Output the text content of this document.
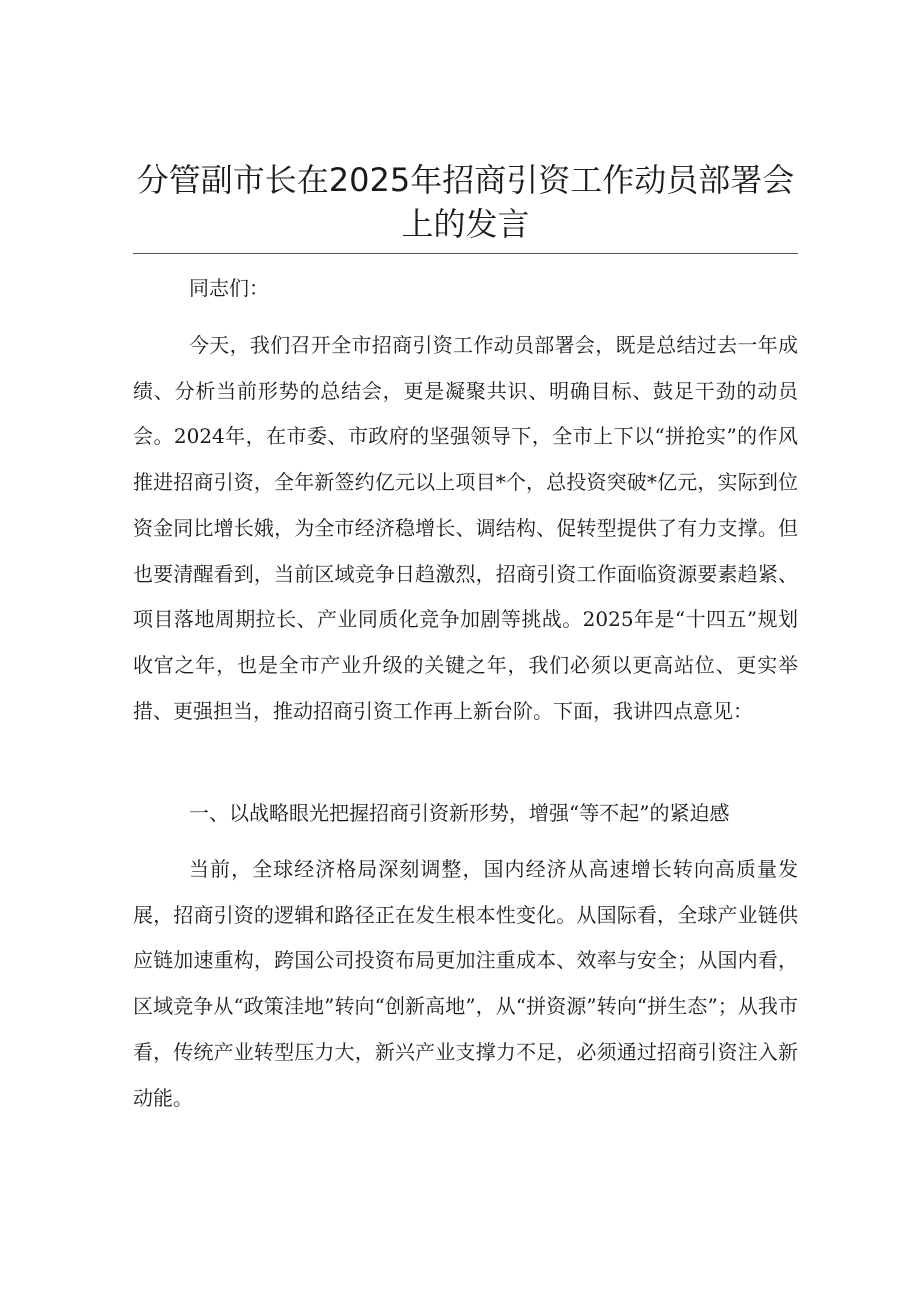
分管副市长在2025年招商引资工作动员部署会上的发言

同志们：

今天，我们召开全市招商引资工作动员部署会，既是总结过去一年成绩、分析当前形势的总结会，更是凝聚共识、明确目标、鼓足干劲的动员会。2024年，在市委、市政府的坚强领导下，全市上下以“拼抢实”的作风推进招商引资，全年新签约亿元以上项目*个，总投资突破*亿元，实际到位资金同比增长娥，为全市经济稳增长、调结构、促转型提供了有力支撑。但也要清醒看到，当前区域竞争日趋激烈，招商引资工作面临资源要素趋紧、项目落地周期拉长、产业同质化竞争加剧等挑战。2025年是“十四五”规划收官之年，也是全市产业升级的关键之年，我们必须以更高站位、更实举措、更强担当，推动招商引资工作再上新台阶。下面，我讲四点意见：

一、以战略眼光把握招商引资新形势，增强“等不起”的紧迫感

当前，全球经济格局深刻调整，国内经济从高速增长转向高质量发展，招商引资的逻辑和路径正在发生根本性变化。从国际看，全球产业链供应链加速重构，跨国公司投资布局更加注重成本、效率与安全；从国内看，区域竞争从“政策洼地”转向“创新高地”，从“拼资源”转向“拼生态”；从我市看，传统产业转型压力大，新兴产业支撑力不足，必须通过招商引资注入新动能。
